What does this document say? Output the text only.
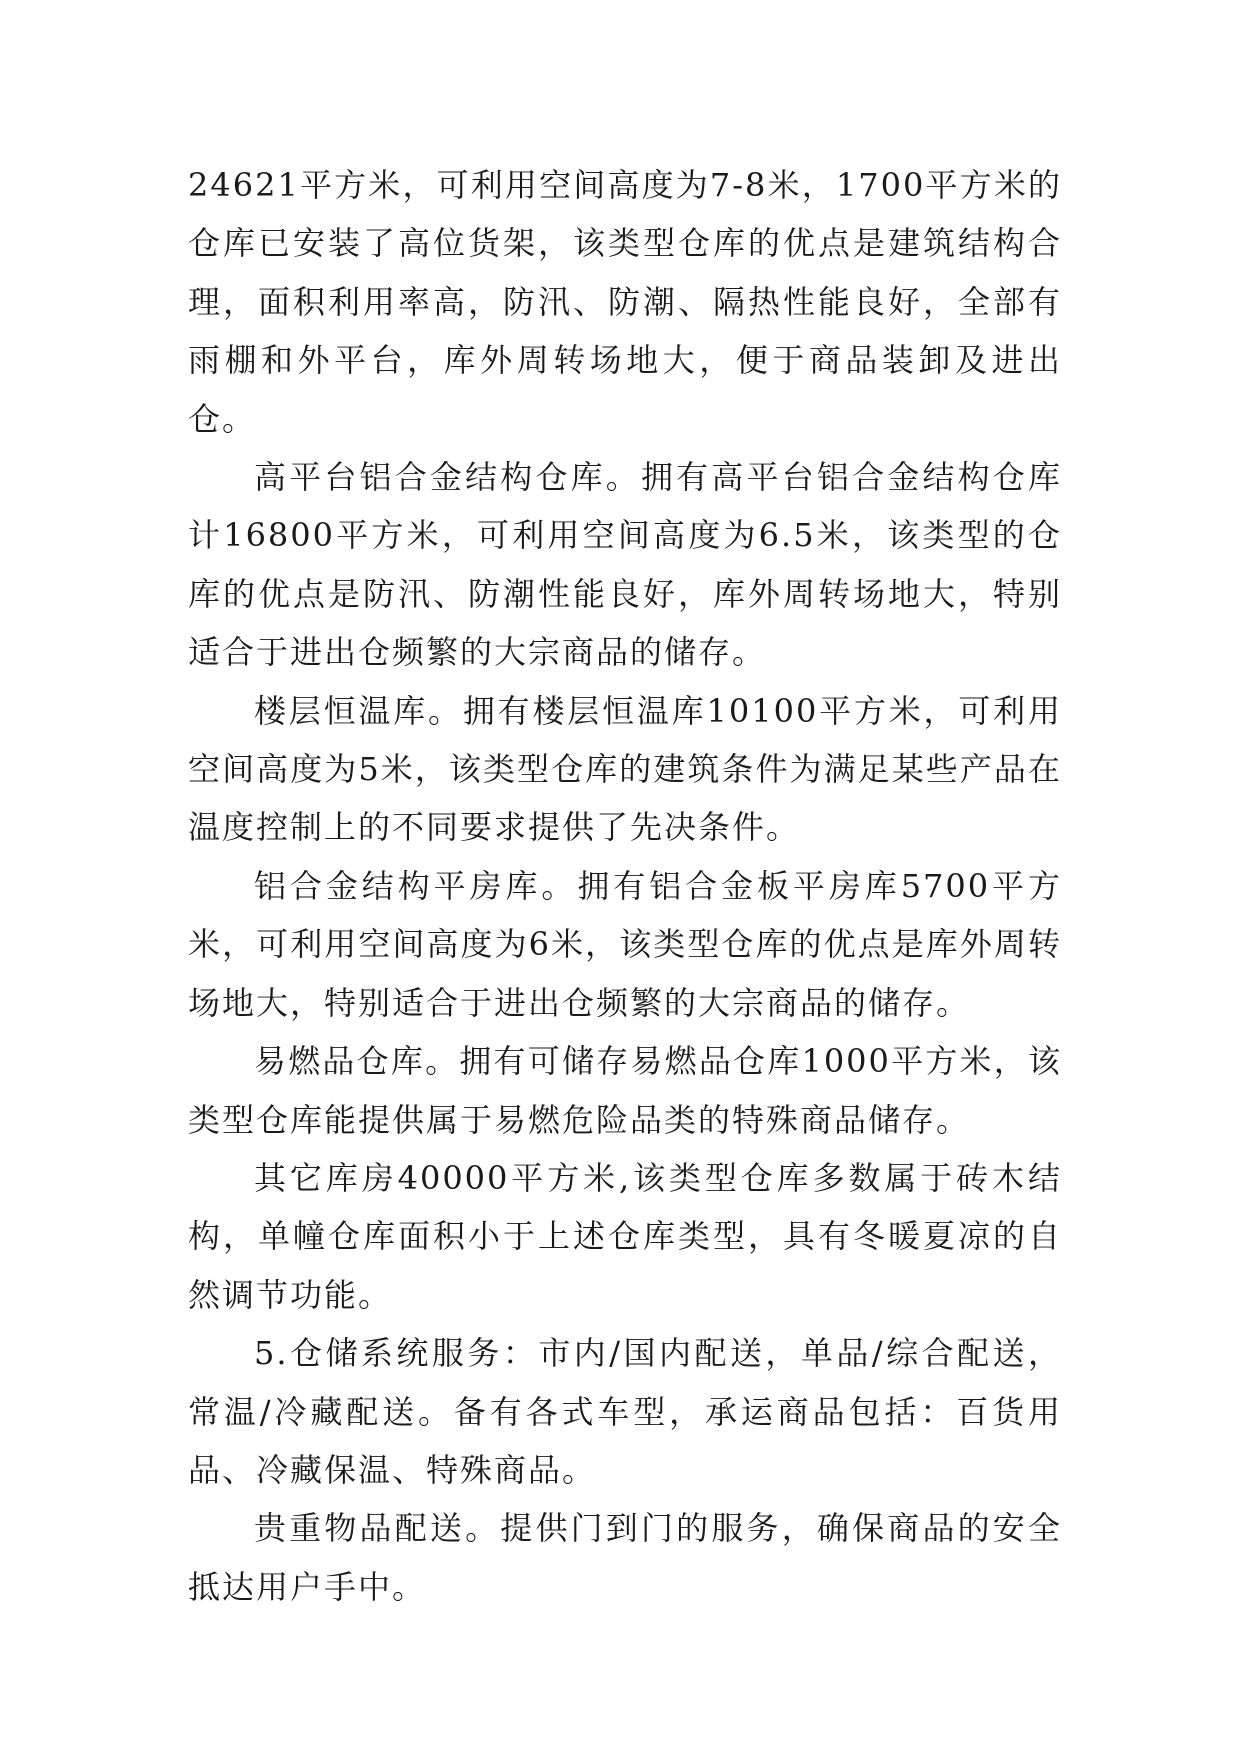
24621平方米，可利用空间高度为7-8米，1700平方米的仓库已安装了高位货架，该类型仓库的优点是建筑结构合理，面积利用率高，防汛、防潮、隔热性能良好，全部有雨棚和外平台，库外周转场地大，便于商品装卸及进出仓。

高平台铝合金结构仓库。拥有高平台铝合金结构仓库计16800平方米，可利用空间高度为6.5米，该类型的仓库的优点是防汛、防潮性能良好，库外周转场地大，特别适合于进出仓频繁的大宗商品的储存。

楼层恒温库。拥有楼层恒温库10100平方米，可利用空间高度为5米，该类型仓库的建筑条件为满足某些产品在温度控制上的不同要求提供了先决条件。

铝合金结构平房库。拥有铝合金板平房库5700平方米，可利用空间高度为6米，该类型仓库的优点是库外周转场地大，特别适合于进出仓频繁的大宗商品的储存。

易燃品仓库。拥有可储存易燃品仓库1000平方米，该类型仓库能提供属于易燃危险品类的特殊商品储存。

其它库房40000平方米,该类型仓库多数属于砖木结构，单幢仓库面积小于上述仓库类型，具有冬暖夏凉的自然调节功能。

5.仓储系统服务：市内/国内配送，单品/综合配送，常温/冷藏配送。备有各式车型，承运商品包括：百货用品、冷藏保温、特殊商品。

贵重物品配送。提供门到门的服务，确保商品的安全抵达用户手中。
